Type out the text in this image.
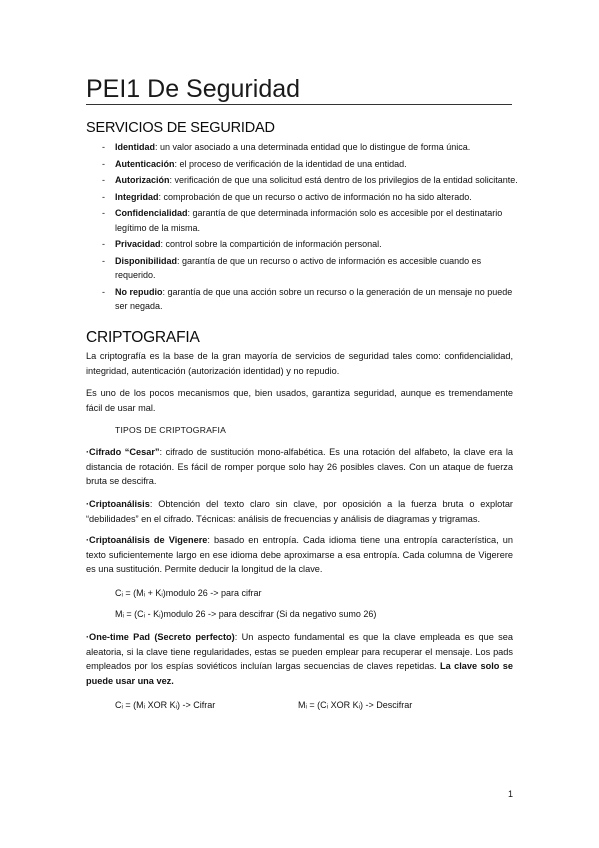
PEI1 De Seguridad
SERVICIOS DE SEGURIDAD
- Identidad: un valor asociado a una determinada entidad que lo distingue de forma única.
- Autenticación: el proceso de verificación de la identidad de una entidad.
- Autorización: verificación de que una solicitud está dentro de los privilegios de la entidad solicitante.
- Integridad: comprobación de que un recurso o activo de información no ha sido alterado.
- Confidencialidad: garantía de que determinada información solo es accesible por el destinatario legítimo de la misma.
- Privacidad: control sobre la compartición de información personal.
- Disponibilidad: garantía de que un recurso o activo de información es accesible cuando es requerido.
- No repudio: garantía de que una acción sobre un recurso o la generación de un mensaje no puede ser negada.
CRIPTOGRAFIA

La criptografía es la base de la gran mayoría de servicios de seguridad tales como: confidencialidad, integridad, autenticación (autorización identidad) y no repudio.

Es uno de los pocos mecanismos que, bien usados, garantiza seguridad, aunque es tremendamente fácil de usar mal.

TIPOS DE CRIPTOGRAFIA

·Cifrado “Cesar”: cifrado de sustitución mono-alfabética. Es una rotación del alfabeto, la clave era la distancia de rotación. Es fácil de romper porque solo hay 26 posibles claves. Con un ataque de fuerza bruta se descifra.

·Criptoanálisis: Obtención del texto claro sin clave, por oposición a la fuerza bruta o explotar “debilidades” en el cifrado. Técnicas: análisis de frecuencias y análisis de diagramas y trigramas.

·Criptoanálisis de Vigenere: basado en entropía. Cada idioma tiene una entropía característica, un texto suficientemente largo en ese idioma debe aproximarse a esa entropía. Cada columna de Vigerere es una sustitución. Permite deducir la longitud de la clave.

Cᵢ = (Mᵢ + Kᵢ)modulo 26 -> para cifrar
Mᵢ = (Cᵢ - Kᵢ)modulo 26 -> para descifrar (Si da negativo sumo 26)

·One-time Pad (Secreto perfecto): Un aspecto fundamental es que la clave empleada es que sea aleatoria, si la clave tiene regularidades, estas se pueden emplear para recuperar el mensaje. Los pads empleados por los espías soviéticos incluían largas secuencias de claves repetidas. La clave solo se puede usar una vez.

Cᵢ = (Mᵢ XOR Kᵢ) -> Cifrar	Mᵢ = (Cᵢ XOR Kᵢ) -> Descifrar
1
